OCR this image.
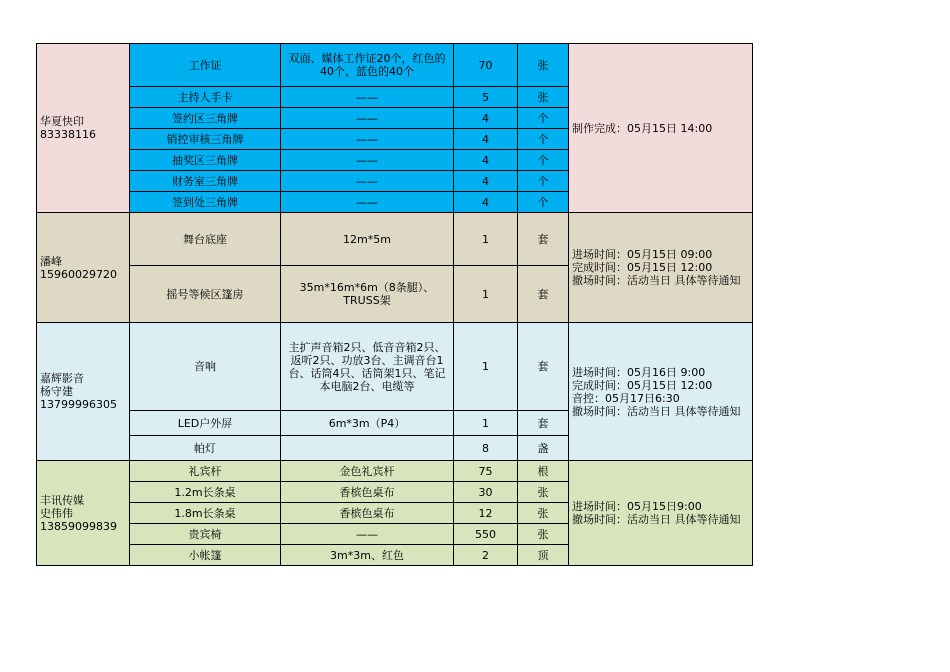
华夏快印
83338116	工作证	双面、媒体工作证20个，红色的40个，蓝色的40个	70	张	制作完成：05月15日 14:00

	主持人手卡	——	5	张	
	签约区三角牌	——	4	个	
	销控审核三角牌	——	4	个	
	抽奖区三角牌	——	4	个	
	财务室三角牌	——	4	个	
	签到处三角牌	——	4	个	

潘峰
15960029720	舞台底座	12m*5m	1	套	进场时间：05月15日 09:00
完成时间：05月15日 12:00
撤场时间：活动当日 具体等待通知

	摇号等候区篷房	35m*16m*6m（8条腿）、TRUSS架	1	套	

嘉辉影音
杨守建
13799996305	音响	主扩声音箱2只、低音音箱2只、返听2只、功放3台、主调音台1台、话筒4只、话筒架1只、笔记本电脑2台、电缆等	1	套	进场时间：05月16日 9:00
完成时间：05月15日 12:00
音控：05月17日6:30
撤场时间：活动当日 具体等待通知

	LED户外屏	6m*3m（P4）	1	套	
	帕灯		8	盏	

丰讯传媒
史伟伟
13859099839	礼宾杆	金色礼宾杆	75	根	进场时间：05月15日9:00
撤场时间：活动当日 具体等待通知

	1.2m长条桌	香槟色桌布	30	张	
	1.8m长条桌	香槟色桌布	12	张	
	贵宾椅	——	550	张	
	小帐篷	3m*3m、红色	2	顶	
